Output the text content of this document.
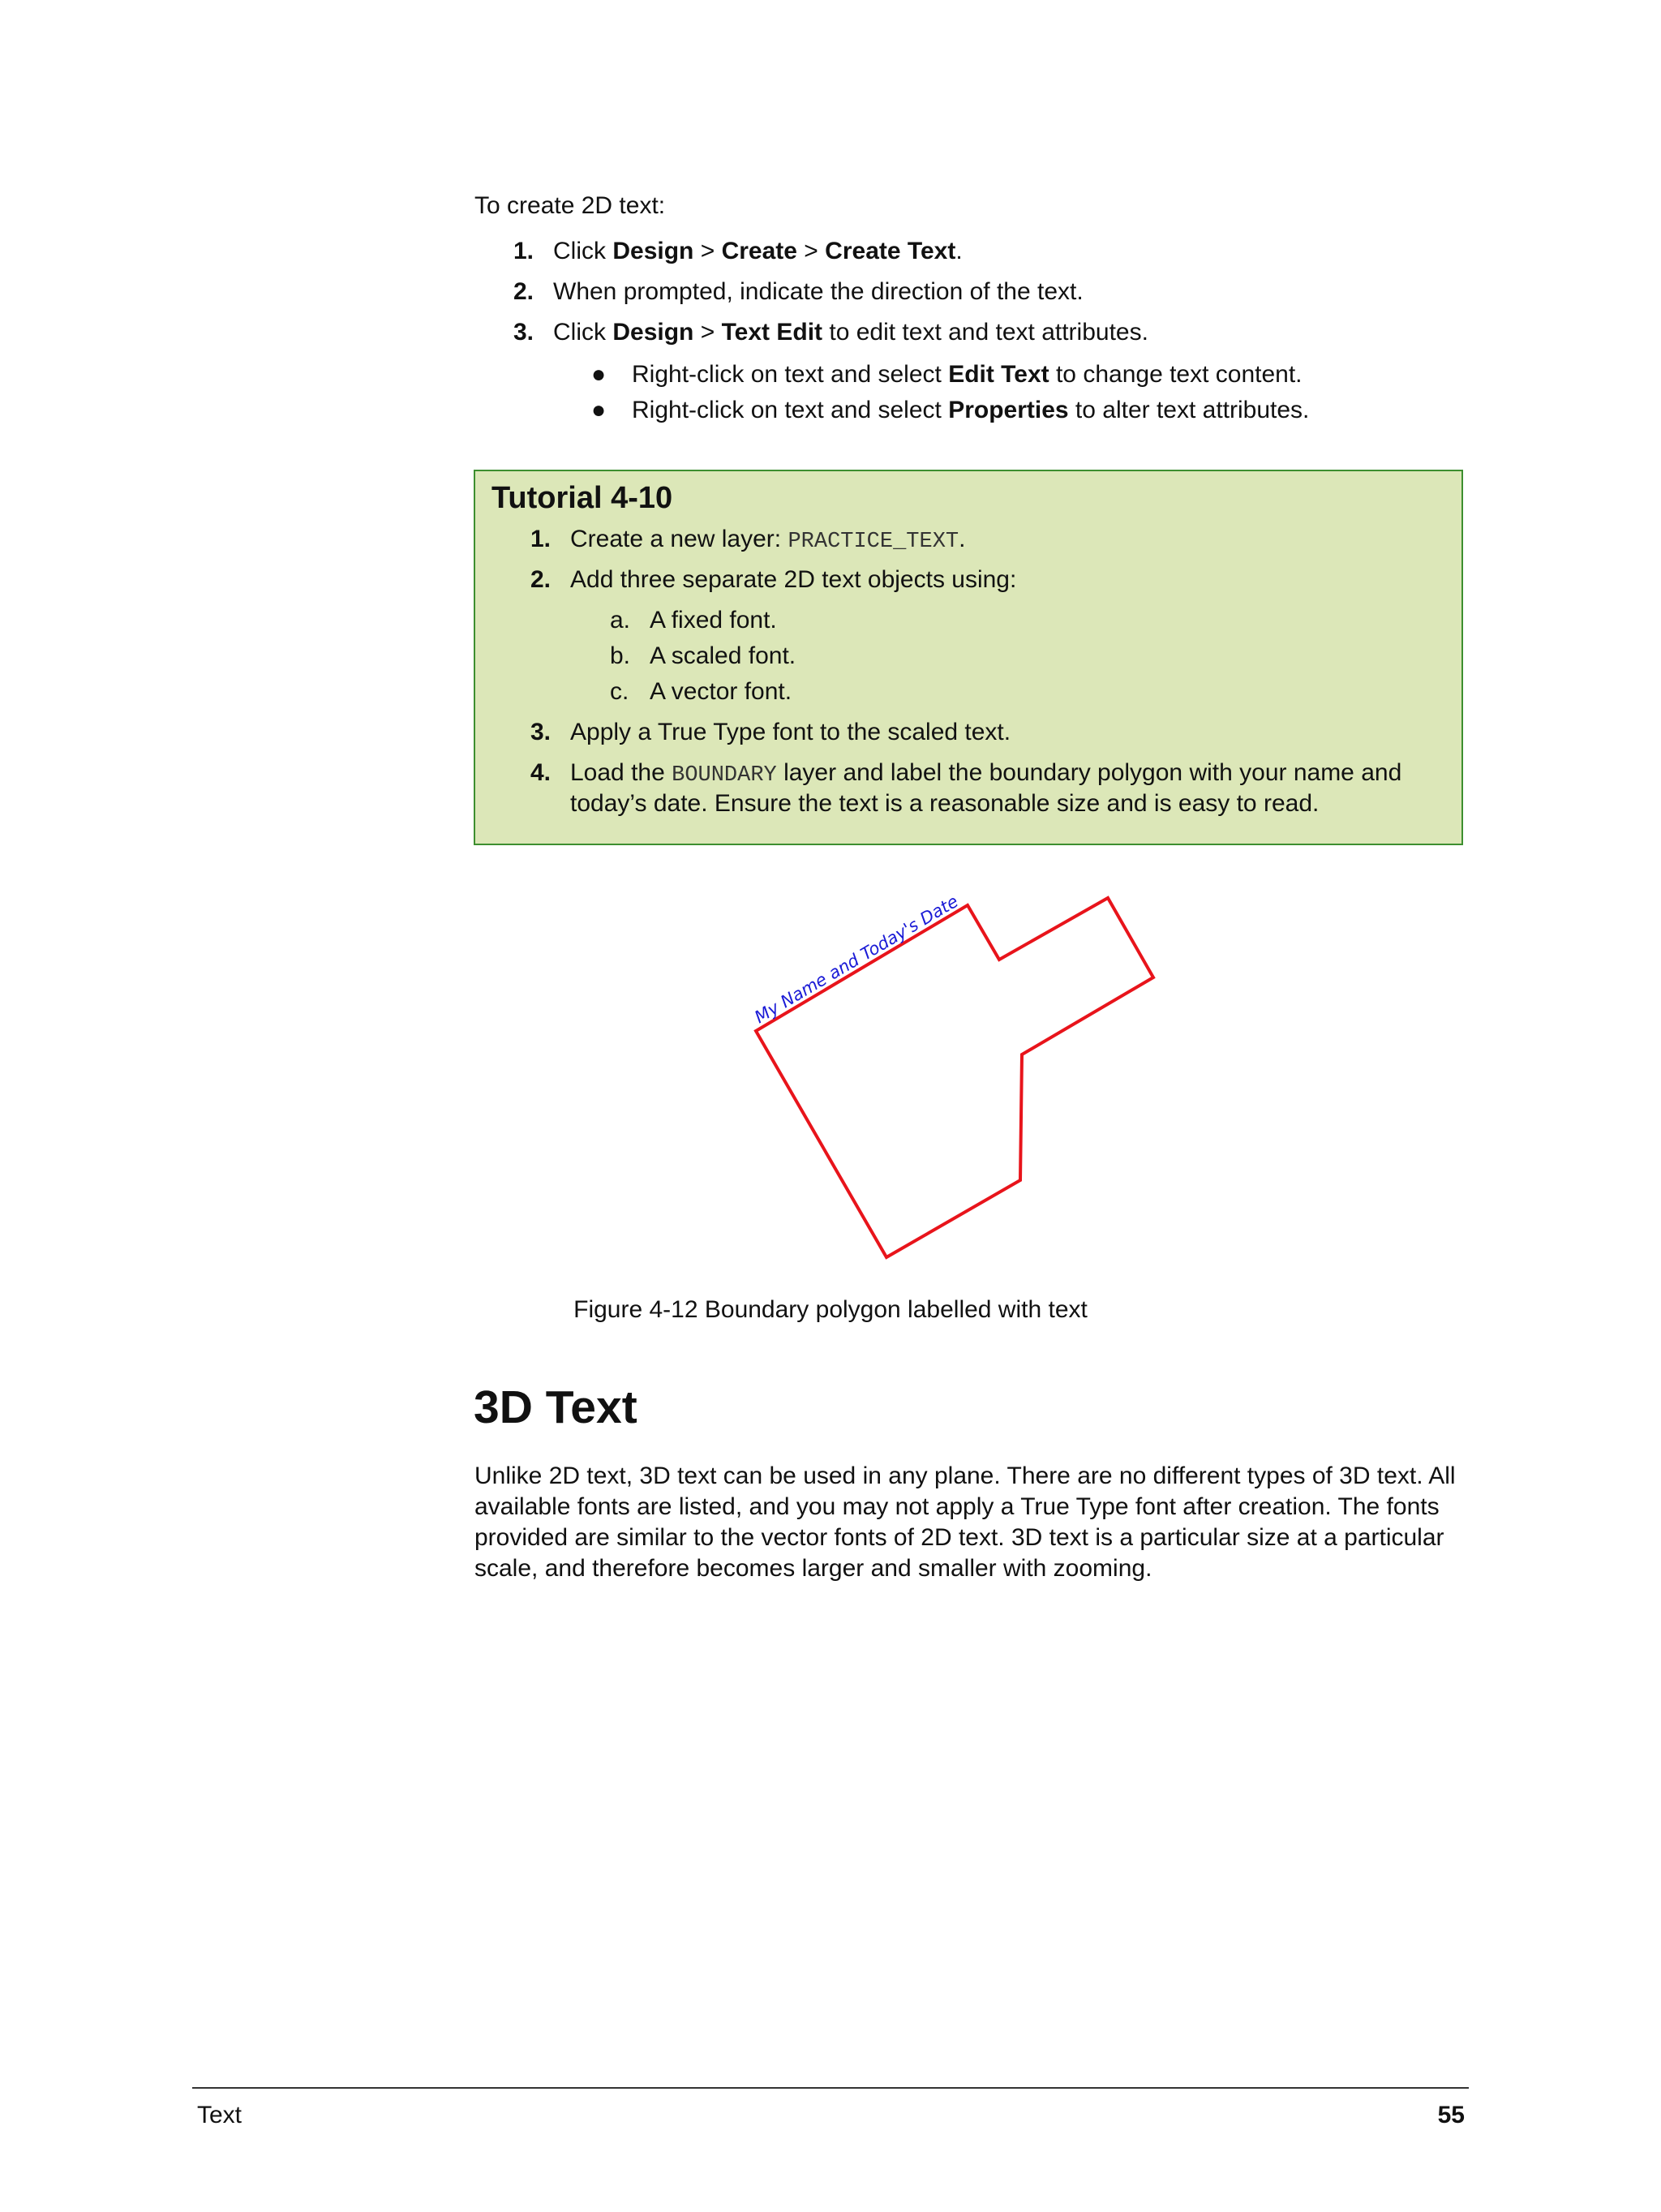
To create 2D text:
1. Click Design > Create > Create Text.
2. When prompted, indicate the direction of the text.
3. Click Design > Text Edit to edit text and text attributes.
● Right-click on text and select Edit Text to change text content.
● Right-click on text and select Properties to alter text attributes.
Tutorial 4-10
1. Create a new layer: PRACTICE_TEXT.
2. Add three separate 2D text objects using:
a. A fixed font.
b. A scaled font.
c. A vector font.
3. Apply a True Type font to the scaled text.
4. Load the BOUNDARY layer and label the boundary polygon with your name and
today’s date. Ensure the text is a reasonable size and is easy to read.
My Name and Today's Date
Figure 4-12 Boundary polygon labelled with text
3D Text
Unlike 2D text, 3D text can be used in any plane. There are no different types of 3D text. All available fonts are listed, and you may not apply a True Type font after creation. The fonts provided are similar to the vector fonts of 2D text. 3D text is a particular size at a particular scale, and therefore becomes larger and smaller with zooming.
Text	55
